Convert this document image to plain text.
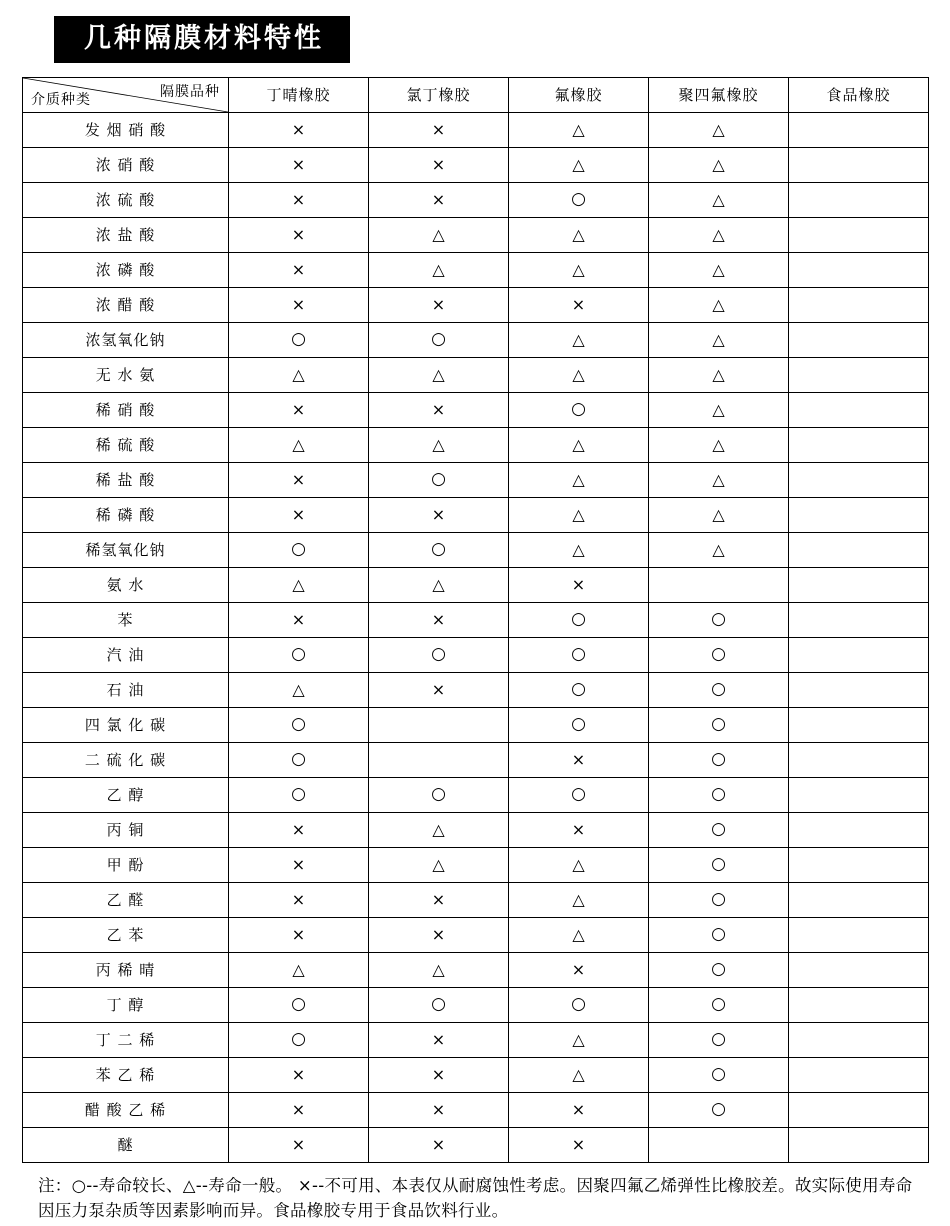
几种隔膜材料特性
隔膜品种
介质种类	丁晴橡胶	氯丁橡胶	氟橡胶	聚四氟橡胶	食品橡胶
发 烟 硝 酸	×	×	△	△	
浓 硝 酸	×	×	△	△	
浓 硫 酸	×	×	○	△	
浓 盐 酸	×	△	△	△	
浓 磷 酸	×	△	△	△	
浓 醋 酸	×	×	×	△	
浓氢氧化钠	○	○	△	△	
无 水 氨	△	△	△	△	
稀 硝 酸	×	×	○	△	
稀 硫 酸	△	△	△	△	
稀 盐 酸	×	○	△	△	
稀 磷 酸	×	×	△	△	
稀氢氧化钠	○	○	△	△	
氨 水	△	△	×		
苯	×	×	○	○	
汽 油	○	○	○	○	
石 油	△	×	○	○	
四 氯 化 碳	○		○	○	
二 硫 化 碳	○		×	○	
乙 醇	○	○	○	○	
丙 铜	×	△	×	○	
甲 酚	×	△	△	○	
乙 醛	×	×	△	○	
乙 苯	×	×	△	○	
丙 稀 晴	△	△	×	○	
丁 醇	○	○	○	○	
丁 二 稀	○	×	△	○	
苯 乙 稀	×	×	△	○	
醋 酸 乙 稀	×	×	×	○	
醚	×	×	×		
注：○--寿命较长、△--寿命一般。 ×--不可用、本表仅从耐腐蚀性考虑。因聚四氟乙烯弹性比橡胶差。故实际使用寿命因压力泵杂质等因素影响而异。食品橡胶专用于食品饮料行业。
